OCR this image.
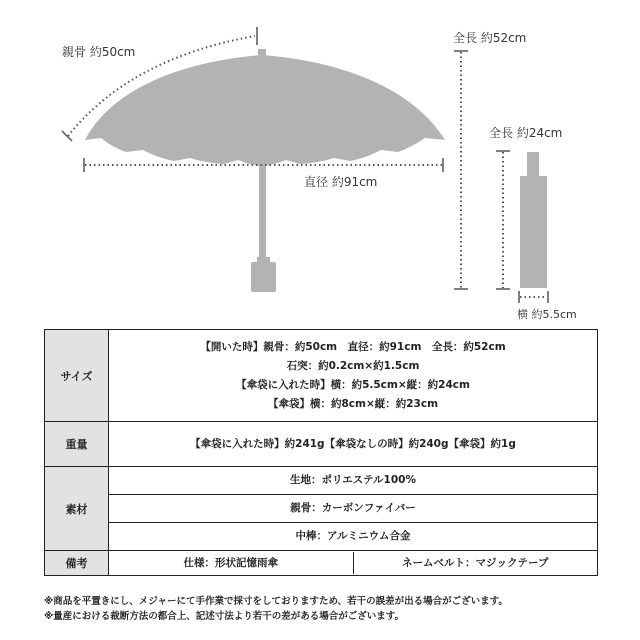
親骨 約50cm
直径 約91cm
全長 約52cm
全長 約24cm
横 約5.5cm
サイズ	【開いた時】親骨：約50cm　直径：約91cm　全長：約52cm
石突：約0.2cm×約1.5cm
【傘袋に入れた時】横：約5.5cm×縦：約24cm
【傘袋】横：約8cm×縦：約23cm

重量	【傘袋に入れた時】約241g【傘袋なしの時】約240g【傘袋】約1g

素材	生地：ポリエステル100%
親骨：カーボンファイバー
中棒：アルミニウム合金

備考	仕様：形状記憶雨傘 ネームベルト：マジックテープ
※商品を平置きにし、メジャーにて手作業で採寸をしておりますため、若干の誤差が出る場合がございます。
※量産における裁断方法の都合上、記述寸法より若干の差がある場合がございます。
